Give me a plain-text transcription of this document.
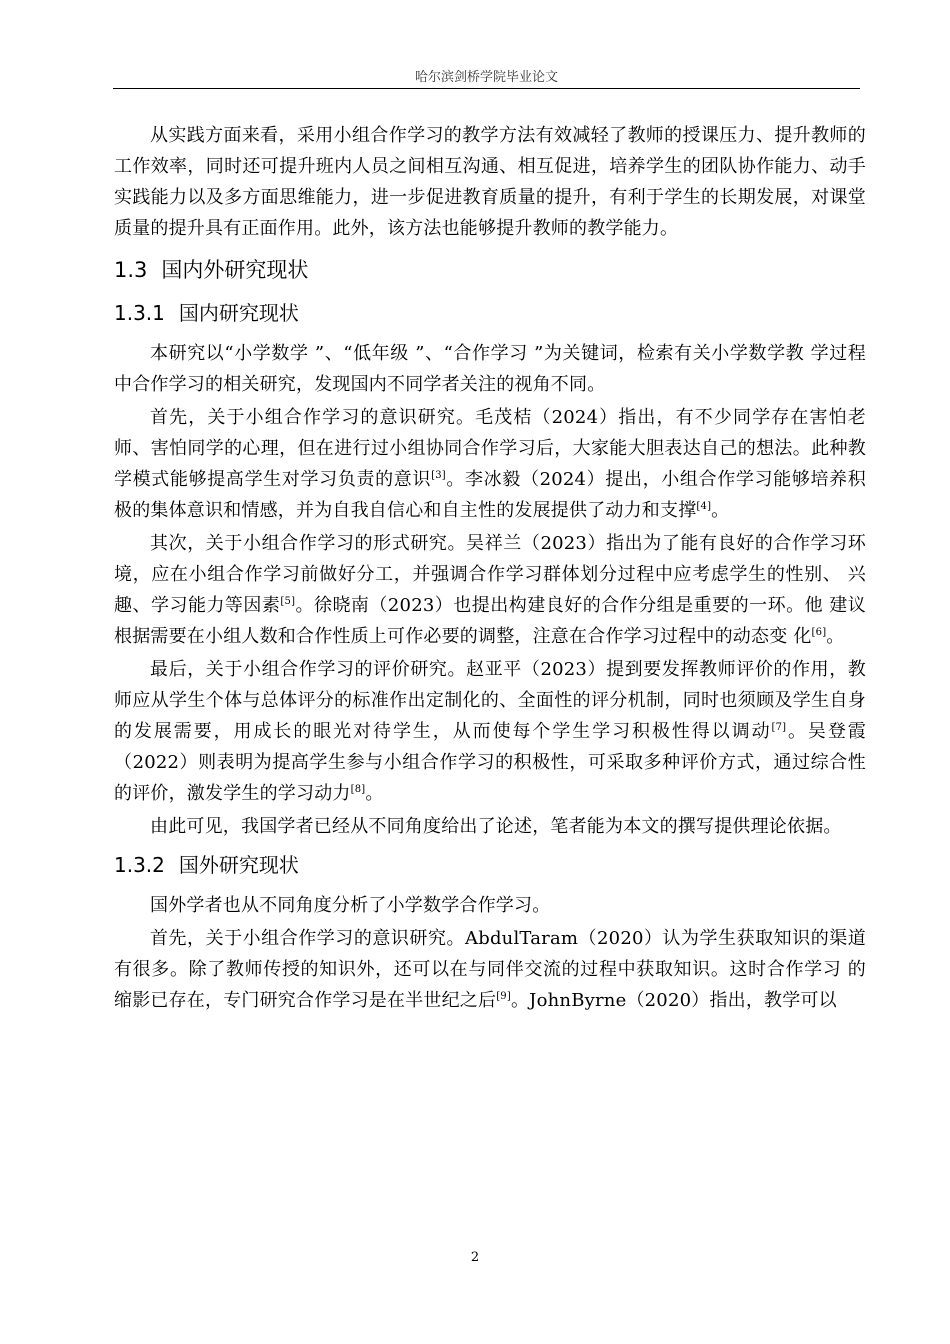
哈尔滨剑桥学院毕业论文

从实践方面来看，采用小组合作学习的教学方法有效减轻了教师的授课压力、提升教师的工作效率，同时还可提升班内人员之间相互沟通、相互促进，培养学生的团队协作能力、动手实践能力以及多方面思维能力，进一步促进教育质量的提升，有利于学生的长期发展，对课堂质量的提升具有正面作用。此外，该方法也能够提升教师的教学能力。

1.3 国内外研究现状
1.3.1 国内研究现状

本研究以“小学数学 ”、“低年级 ”、“合作学习 ”为关键词，检索有关小学数学教 学过程中合作学习的相关研究，发现国内不同学者关注的视角不同。

首先，关于小组合作学习的意识研究。毛茂桔（2024）指出，有不少同学存在害怕老师、害怕同学的心理，但在进行过小组协同合作学习后，大家能大胆表达自己的想法。此种教学模式能够提高学生对学习负责的意识[3]。李冰毅（2024）提出，小组合作学习能够培养积极的集体意识和情感，并为自我自信心和自主性的发展提供了动力和支撑[4]。

其次，关于小组合作学习的形式研究。吴祥兰（2023）指出为了能有良好的合作学习环境，应在小组合作学习前做好分工，并强调合作学习群体划分过程中应考虑学生的性别、 兴趣、学习能力等因素[5]。徐晓南（2023）也提出构建良好的合作分组是重要的一环。他 建议根据需要在小组人数和合作性质上可作必要的调整，注意在合作学习过程中的动态变 化[6]。

最后，关于小组合作学习的评价研究。赵亚平（2023）提到要发挥教师评价的作用，教师应从学生个体与总体评分的标准作出定制化的、全面性的评分机制，同时也须顾及学生自身的发展需要，用成长的眼光对待学生，从而使每个学生学习积极性得以调动[7]。吴登霞（2022）则表明为提高学生参与小组合作学习的积极性，可采取多种评价方式，通过综合性的评价，激发学生的学习动力[8]。

由此可见，我国学者已经从不同角度给出了论述，笔者能为本文的撰写提供理论依据。

1.3.2 国外研究现状

国外学者也从不同角度分析了小学数学合作学习。

首先，关于小组合作学习的意识研究。AbdulTaram（2020）认为学生获取知识的渠道 有很多。除了教师传授的知识外，还可以在与同伴交流的过程中获取知识。这时合作学习 的缩影已存在，专门研究合作学习是在半世纪之后[9]。JohnByrne（2020）指出，教学可以

2
